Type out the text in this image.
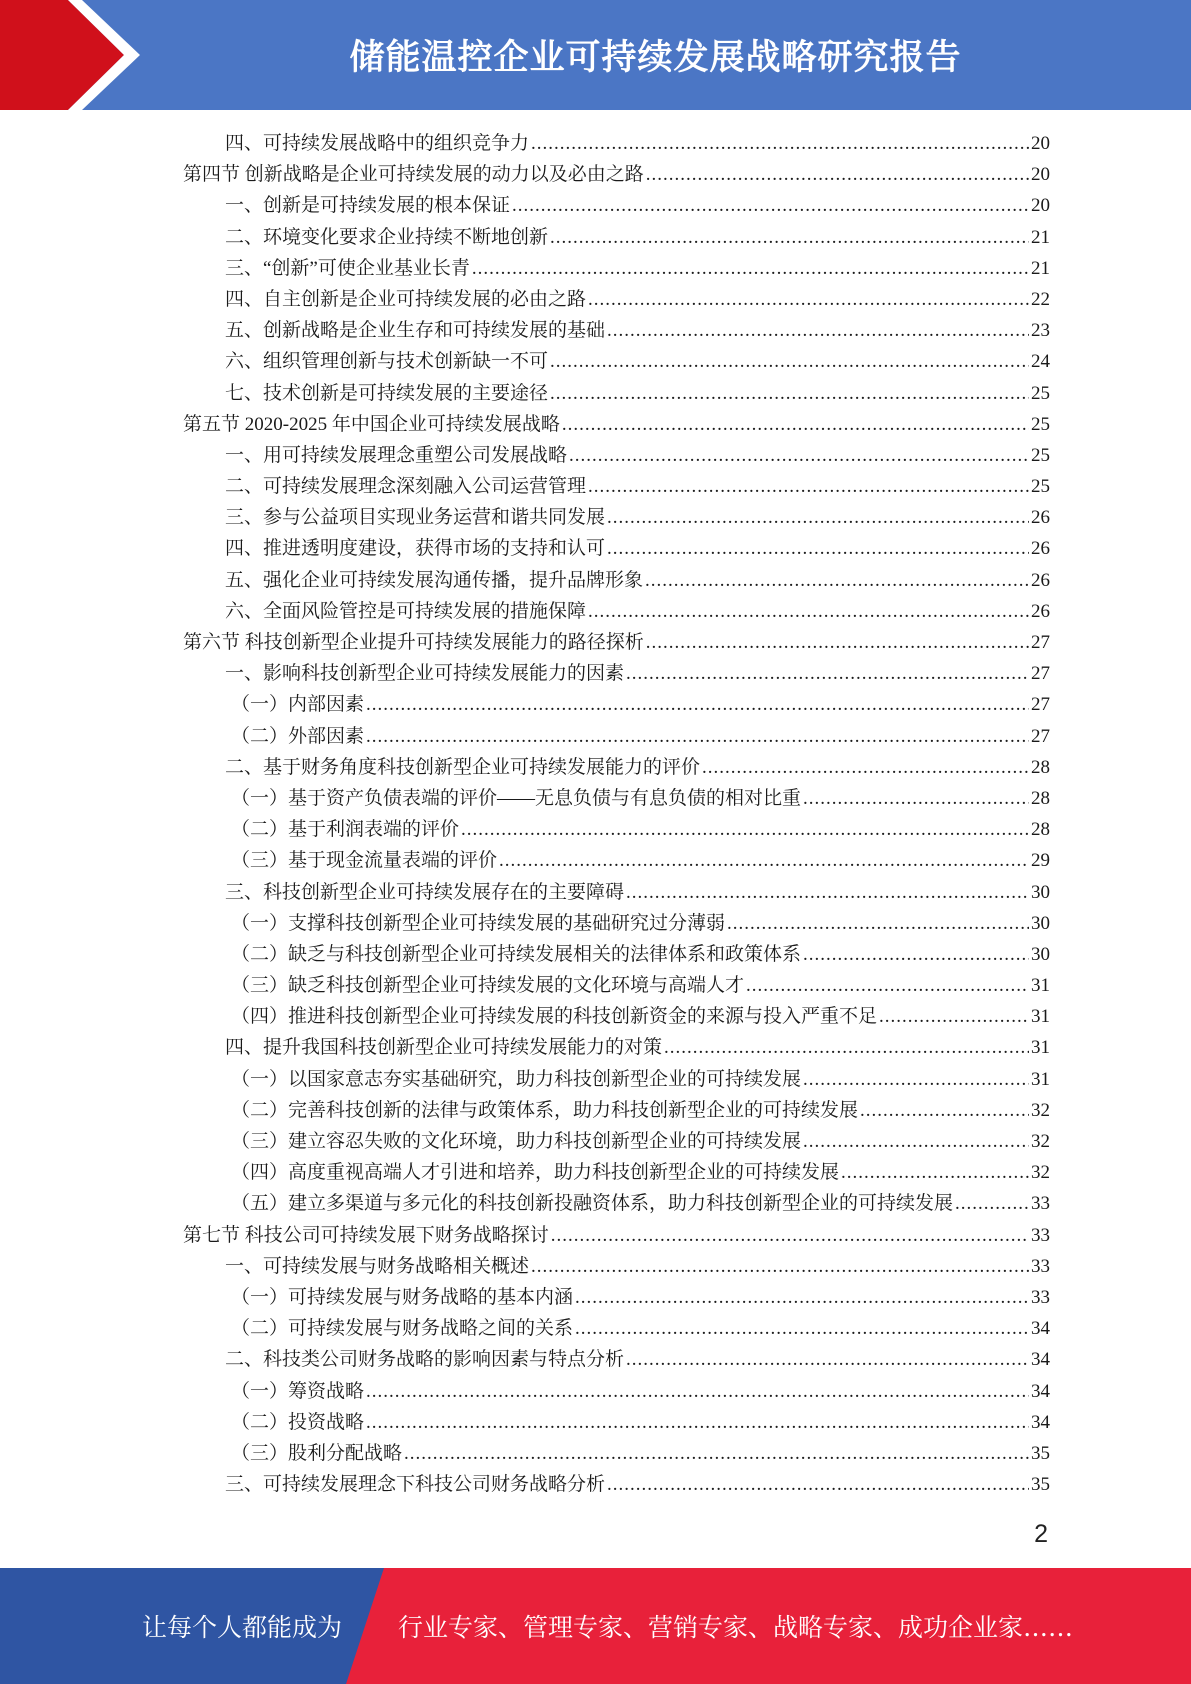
储能温控企业可持续发展战略研究报告
四、可持续发展战略中的组织竞争力 .....	20
第四节 创新战略是企业可持续发展的动力以及必由之路 .....	20
一、创新是可持续发展的根本保证 .....	20
二、环境变化要求企业持续不断地创新 .....	21
三、“创新”可使企业基业长青 .....	21
四、自主创新是企业可持续发展的必由之路 .....	22
五、创新战略是企业生存和可持续发展的基础 .....	23
六、组织管理创新与技术创新缺一不可 .....	24
七、技术创新是可持续发展的主要途径 .....	25
第五节 2020-2025 年中国企业可持续发展战略 .....	25
一、用可持续发展理念重塑公司发展战略 .....	25
二、可持续发展理念深刻融入公司运营管理 .....	25
三、参与公益项目实现业务运营和谐共同发展 .....	26
四、推进透明度建设，获得市场的支持和认可 .....	26
五、强化企业可持续发展沟通传播，提升品牌形象 .....	26
六、全面风险管控是可持续发展的措施保障 .....	26
第六节 科技创新型企业提升可持续发展能力的路径探析 .....	27
一、影响科技创新型企业可持续发展能力的因素 .....	27
（一）内部因素 .....	27
（二）外部因素 .....	27
二、基于财务角度科技创新型企业可持续发展能力的评价 .....	28
（一）基于资产负债表端的评价——无息负债与有息负债的相对比重 .....	28
（二）基于利润表端的评价 .....	28
（三）基于现金流量表端的评价 .....	29
三、科技创新型企业可持续发展存在的主要障碍 .....	30
（一）支撑科技创新型企业可持续发展的基础研究过分薄弱 .....	30
（二）缺乏与科技创新型企业可持续发展相关的法律体系和政策体系 .....	30
（三）缺乏科技创新型企业可持续发展的文化环境与高端人才 .....	31
（四）推进科技创新型企业可持续发展的科技创新资金的来源与投入严重不足 .....	31
四、提升我国科技创新型企业可持续发展能力的对策 .....	31
（一）以国家意志夯实基础研究，助力科技创新型企业的可持续发展 .....	31
（二）完善科技创新的法律与政策体系，助力科技创新型企业的可持续发展 .....	32
（三）建立容忍失败的文化环境，助力科技创新型企业的可持续发展 .....	32
（四）高度重视高端人才引进和培养，助力科技创新型企业的可持续发展 .....	32
（五）建立多渠道与多元化的科技创新投融资体系，助力科技创新型企业的可持续发展 .....	33
第七节 科技公司可持续发展下财务战略探讨 .....	33
一、可持续发展与财务战略相关概述 .....	33
（一）可持续发展与财务战略的基本内涵 .....	33
（二）可持续发展与财务战略之间的关系 .....	34
二、科技类公司财务战略的影响因素与特点分析 .....	34
（一）筹资战略 .....	34
（二）投资战略 .....	34
（三）股利分配战略 .....	35
三、可持续发展理念下科技公司财务战略分析 .....	35
2
让每个人都能成为 行业专家、管理专家、营销专家、战略专家、成功企业家……
